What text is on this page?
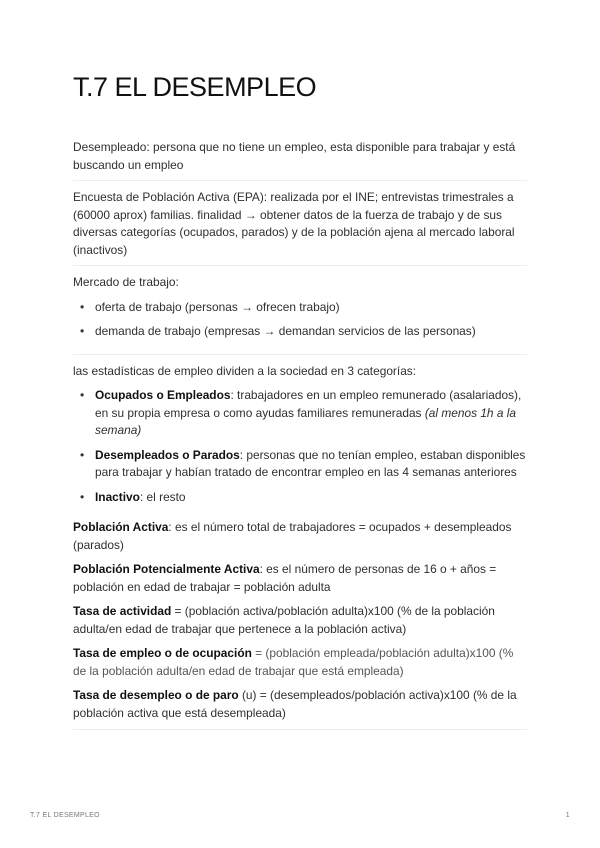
T.7 EL DESEMPLEO
Desempleado: persona que no tiene un empleo, esta disponible para trabajar y está buscando un empleo
Encuesta de Población Activa (EPA): realizada por el INE; entrevistas trimestrales a (60000 aprox) familias. finalidad → obtener datos de la fuerza de trabajo y de sus diversas categorías (ocupados, parados) y de la población ajena al mercado laboral (inactivos)
Mercado de trabajo:
• oferta de trabajo (personas → ofrecen trabajo)
• demanda de trabajo (empresas → demandan servicios de las personas)
las estadísticas de empleo dividen a la sociedad en 3 categorías:
• Ocupados o Empleados: trabajadores en un empleo remunerado (asalariados), en su propia empresa o como ayudas familiares remuneradas (al menos 1h a la semana)
• Desempleados o Parados: personas que no tenían empleo, estaban disponibles para trabajar y habían tratado de encontrar empleo en las 4 semanas anteriores
• Inactivo: el resto
Población Activa: es el número total de trabajadores = ocupados + desempleados (parados)
Población Potencialmente Activa: es el número de personas de 16 o + años = población en edad de trabajar = población adulta
Tasa de actividad = (población activa/población adulta)x100 (% de la población adulta/en edad de trabajar que pertenece a la población activa)
Tasa de empleo o de ocupación = (población empleada/población adulta)x100 (% de la población adulta/en edad de trabajar que está empleada)
Tasa de desempleo o de paro (u) = (desempleados/población activa)x100 (% de la población activa que está desempleada)
T.7 EL DESEMPLEO	1
